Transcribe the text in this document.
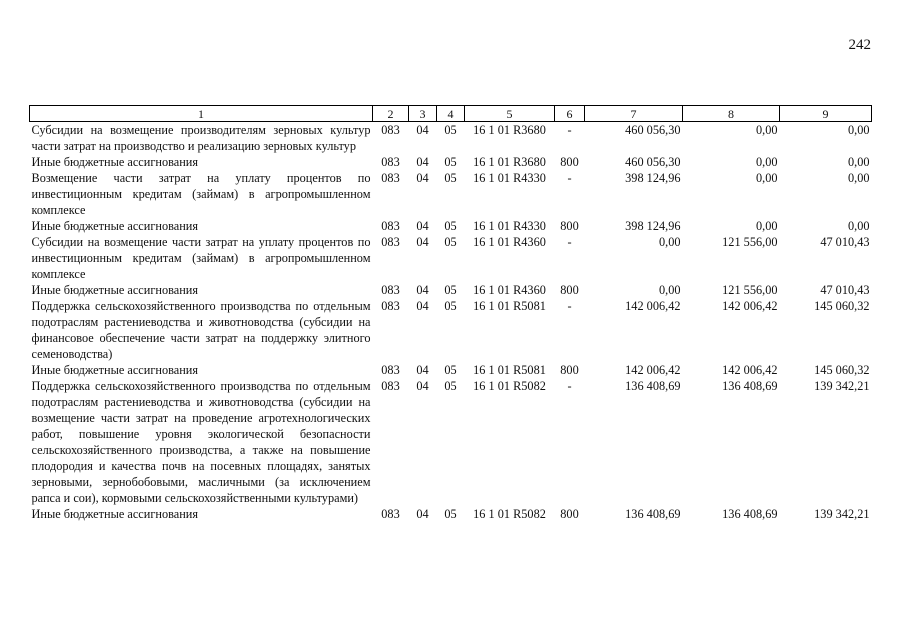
242
1	2	3	4	5	6	7	8	9
Субсидии на возмещение производителям зерновых культур части затрат на производство и реализацию зерновых культур	083	04	05	16 1 01 R3680	-	460 056,30	0,00	0,00
Иные бюджетные ассигнования	083	04	05	16 1 01 R3680	800	460 056,30	0,00	0,00
Возмещение части затрат на уплату процентов по инвестиционным кредитам (займам) в агропромышленном комплексе	083	04	05	16 1 01 R4330	-	398 124,96	0,00	0,00
Иные бюджетные ассигнования	083	04	05	16 1 01 R4330	800	398 124,96	0,00	0,00
Субсидии на возмещение части затрат на уплату процентов по инвестиционным кредитам (займам) в агропромышленном комплексе	083	04	05	16 1 01 R4360	-	0,00	121 556,00	47 010,43
Иные бюджетные ассигнования	083	04	05	16 1 01 R4360	800	0,00	121 556,00	47 010,43
Поддержка сельскохозяйственного производства по отдельным подотраслям растениеводства и животноводства (субсидии на финансовое обеспечение части затрат на поддержку элитного семеноводства)	083	04	05	16 1 01 R5081	-	142 006,42	142 006,42	145 060,32
Иные бюджетные ассигнования	083	04	05	16 1 01 R5081	800	142 006,42	142 006,42	145 060,32
Поддержка сельскохозяйственного производства по отдельным подотраслям растениеводства и животноводства (субсидии на возмещение части затрат на проведение агротехнологических работ, повышение уровня экологической безопасности сельскохозяйственного производства, а также на повышение плодородия и качества почв на посевных площадях, занятых зерновыми, зернобобовыми, масличными (за исключением рапса и сои), кормовыми сельскохозяйственными культурами)	083	04	05	16 1 01 R5082	-	136 408,69	136 408,69	139 342,21
Иные бюджетные ассигнования	083	04	05	16 1 01 R5082	800	136 408,69	136 408,69	139 342,21
